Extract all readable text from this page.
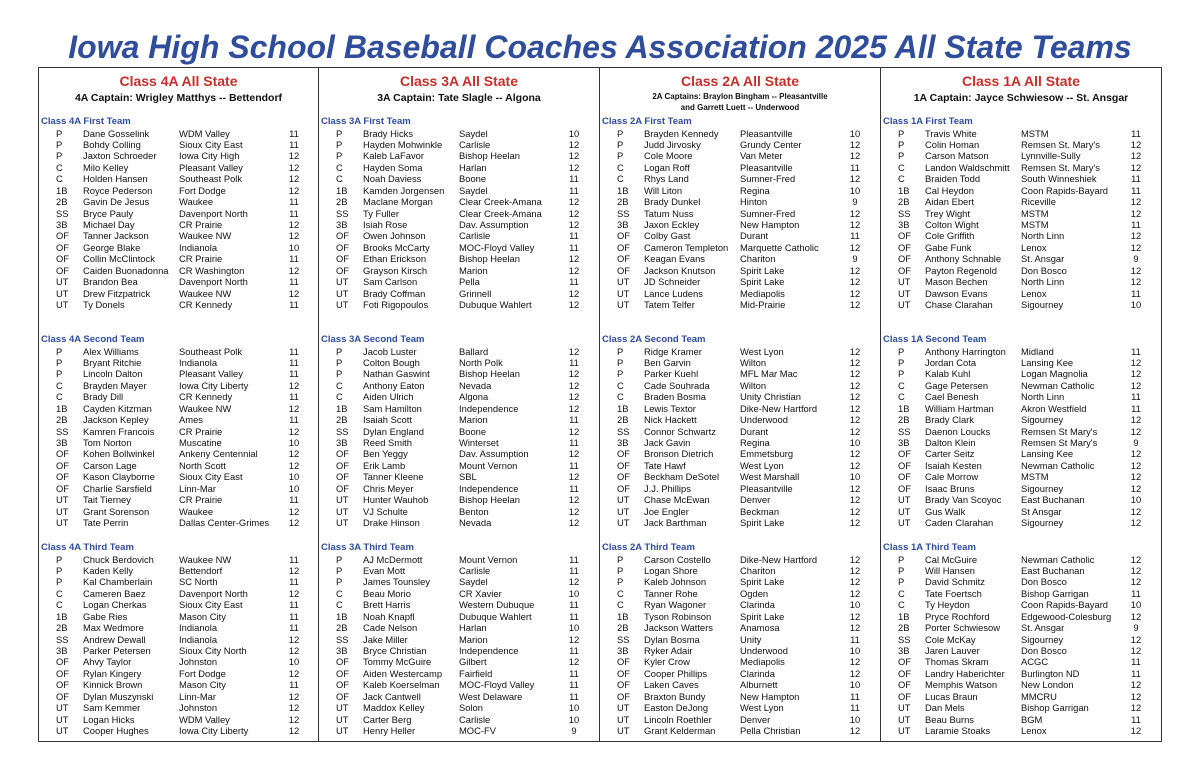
Iowa High School Baseball Coaches Association 2025 All State Teams
Class 4A All State
4A Captain: Wrigley Matthys -- Bettendorf
Class 4A First Team
P	Dane Gosselink	WDM Valley	11
P	Bohdy Colling	Sioux City East	11
P	Jaxton Schroeder	Iowa City High	12
C	Milo Kelley	Pleasant Valley	12
C	Holden Hansen	Southeast Polk	12
1B	Royce Pederson	Fort Dodge	12
2B	Gavin De Jesus	Waukee	11
SS	Bryce Pauly	Davenport North	11
3B	Michael Day	CR Prairie	12
OF	Tanner Jackson	Waukee NW	12
OF	George Blake	Indianola	10
OF	Collin McClintock	CR Prairie	11
OF	Caiden Buonadonna	CR Washington	12
UT	Brandon Bea	Davenport North	11
UT	Drew Fitzpatrick	Waukee NW	12
UT	Ty Donels	CR Kennedy	11
Class 4A Second Team
P	Alex Williams	Southeast Polk	11
P	Bryant Ritchie	Indianola	11
P	Lincoln Dalton	Pleasant Valley	11
C	Brayden Mayer	Iowa City Liberty	12
C	Brady Dill	CR Kennedy	11
1B	Cayden Kitzman	Waukee NW	12
2B	Jackson Kepley	Ames	11
SS	Kamren Francois	CR Prairie	12
3B	Tom Norton	Muscatine	10
OF	Kohen Bollwinkel	Ankeny Centennial	12
OF	Carson Lage	North Scott	12
OF	Kason Clayborne	Sioux City East	10
OF	Charlie Sarsfield	Linn-Mar	10
UT	Tait Tierney	CR Prairie	11
UT	Grant Sorenson	Waukee	12
UT	Tate Perrin	Dallas Center-Grimes	12
Class 4A Third Team
P	Chuck Berdovich	Waukee NW	11
P	Kaden Kelly	Bettendorf	12
P	Kal Chamberlain	SC North	11
C	Cameren Baez	Davenport North	12
C	Logan Cherkas	Sioux City East	11
1B	Gabe Ries	Mason City	11
2B	Max Wedmore	Indianola	11
SS	Andrew Dewall	Indianola	12
3B	Parker Petersen	Sioux City North	12
OF	Ahvy Taylor	Johnston	10
OF	Rylan Kingery	Fort Dodge	12
OF	Kinnick Brown	Mason City	11
OF	Dylan Muszynski	Linn-Mar	12
UT	Sam Kemmer	Johnston	12
UT	Logan Hicks	WDM Valley	12
UT	Cooper Hughes	Iowa City Liberty	12
Class 3A All State
3A Captain: Tate Slagle -- Algona
Class 3A First Team
P	Brady Hicks	Saydel	10
P	Hayden Mohwinkle	Carlisle	12
P	Kaleb LaFavor	Bishop Heelan	12
C	Hayden Soma	Harlan	12
C	Noah Daviess	Boone	11
1B	Kamden Jorgensen	Saydel	11
2B	Maclane Morgan	Clear Creek-Amana	12
SS	Ty Fuller	Clear Creek-Amana	12
3B	Isiah Rose	Dav. Assumption	12
OF	Owen Johnson	Carlisle	11
OF	Brooks McCarty	MOC-Floyd Valley	11
OF	Ethan Erickson	Bishop Heelan	12
OF	Grayson Kirsch	Marion	12
UT	Sam Carlson	Pella	11
UT	Brady Coffman	Grinnell	12
UT	Foti Rigopoulos	Dubuque Wahlert	12
Class 3A Second Team
P	Jacob Luster	Ballard	12
P	Colton Bough	North Polk	11
P	Nathan Gaswint	Bishop Heelan	12
C	Anthony Eaton	Nevada	12
C	Aiden Ulrich	Algona	12
1B	Sam Hamilton	Independence	12
2B	Isaiah Scott	Marion	11
SS	Dylan England	Boone	12
3B	Reed Smith	Winterset	11
OF	Ben Yeggy	Dav. Assumption	12
OF	Erik Lamb	Mount Vernon	11
OF	Tanner Kleene	SBL	12
OF	Chris Meyer	Independence	11
UT	Hunter Wauhob	Bishop Heelan	12
UT	VJ Schulte	Benton	12
UT	Drake Hinson	Nevada	12
Class 3A Third Team
P	AJ McDermott	Mount Vernon	11
P	Evan Mott	Carlisle	11
P	James Tounsley	Saydel	12
C	Beau Morio	CR Xavier	10
C	Brett Harris	Western Dubuque	11
1B	Noah Knapfl	Dubuque Wahlert	11
2B	Cade Nelson	Harlan	10
SS	Jake Miller	Marion	12
3B	Bryce Christian	Independence	11
OF	Tommy McGuire	Gilbert	12
OF	Aiden Westercamp	Fairfield	11
OF	Kaleb Koerselman	MOC-Floyd Valley	11
OF	Jack Cantwell	West Delaware	11
UT	Maddox Kelley	Solon	10
UT	Carter Berg	Carlisle	10
UT	Henry Heller	MOC-FV	9
Class 2A All State
2A Captains: Braylon Bingham -- Pleasantville
and Garrett Luett -- Underwood
Class 2A First Team
P	Brayden Kennedy	Pleasantville	10
P	Judd Jirvosky	Grundy Center	12
P	Cole Moore	Van Meter	12
C	Logan Roff	Pleasantville	11
C	Rhys Land	Sumner-Fred	12
1B	Will Liton	Regina	10
2B	Brady Dunkel	Hinton	9
SS	Tatum Nuss	Sumner-Fred	12
3B	Jaxon Eckley	New Hampton	12
OF	Colby Gast	Durant	11
OF	Cameron Templeton	Marquette Catholic	12
OF	Keagan Evans	Chariton	9
OF	Jackson Knutson	Spirit Lake	12
UT	JD Schneider	Spirit Lake	12
UT	Lance Ludens	Mediapolis	12
UT	Tatem Telfer	Mid-Prairie	12
Class 2A Second Team
P	Ridge Kramer	West Lyon	12
P	Ben Garvin	Wilton	12
P	Parker Kuehl	MFL Mar Mac	12
C	Cade Souhrada	Wilton	12
C	Braden Bosma	Unity Christian	12
1B	Lewis Textor	Dike-New Hartford	12
2B	Nick Hackett	Underwood	12
SS	Connor Schwartz	Durant	12
3B	Jack Gavin	Regina	10
OF	Bronson Dietrich	Emmetsburg	12
OF	Tate Hawf	West Lyon	12
OF	Beckham DeSotel	West Marshall	10
OF	J.J. Phillips	Pleasantville	12
UT	Chase McEwan	Denver	12
UT	Joe Engler	Beckman	12
UT	Jack Barthman	Spirit Lake	12
Class 2A Third Team
P	Carson Costello	Dike-New Hartford	12
P	Logan Shore	Chariton	12
P	Kaleb Johnson	Spirit Lake	12
C	Tanner Rohe	Ogden	12
C	Ryan Wagoner	Clarinda	10
1B	Tyson Robinson	Spirit Lake	12
2B	Jackson Watters	Anamosa	12
SS	Dylan Bosma	Unity	11
3B	Ryker Adair	Underwood	10
OF	Kyler Crow	Mediapolis	12
OF	Cooper Phillips	Clarinda	12
OF	Laken Caves	Alburnett	10
OF	Braxton Bundy	New Hampton	11
UT	Easton DeJong	West Lyon	11
UT	Lincoln Roethler	Denver	10
UT	Grant Kelderman	Pella Christian	12
Class 1A All State
1A Captain: Jayce Schwiesow -- St. Ansgar
Class 1A First Team
P	Travis White	MSTM	11
P	Colin Homan	Remsen St. Mary's	12
P	Carson Matson	Lynnville-Sully	12
C	Landon Waldschmitt	Remsen St. Mary's	12
C	Braiden Todd	South Winneshiek	11
1B	Cal Heydon	Coon Rapids-Bayard	11
2B	Aidan Ebert	Riceville	12
SS	Trey Wight	MSTM	12
3B	Colton Wight	MSTM	11
OF	Cole Griffith	North Linn	12
OF	Gabe Funk	Lenox	12
OF	Anthony Schnable	St. Ansgar	9
OF	Payton Regenold	Don Bosco	12
UT	Mason Bechen	North Linn	12
UT	Dawson Evans	Lenox	11
UT	Chase Clarahan	Sigourney	10
Class 1A Second Team
P	Anthony Harrington	Midland	11
P	Jordan Cota	Lansing Kee	12
P	Kalab Kuhl	Logan Magnolia	12
C	Gage Petersen	Newman Catholic	12
C	Cael Benesh	North Linn	11
1B	William Hartman	Akron Westfield	11
2B	Brady Clark	Sigourney	12
SS	Daenon Loucks	Remsen St Mary's	12
3B	Dalton Klein	Remsen St Mary's	9
OF	Carter Seitz	Lansing Kee	12
OF	Isaiah Kesten	Newman Catholic	12
OF	Cale Morrow	MSTM	12
OF	Isaac Bruns	Sigourney	12
UT	Brady Van Scoyoc	East Buchanan	10
UT	Gus Walk	St Ansgar	12
UT	Caden Clarahan	Sigourney	12
Class 1A Third Team
P	Cal McGuire	Newman Catholic	12
P	Will Hansen	East Buchanan	12
P	David Schmitz	Don Bosco	12
C	Tate Foertsch	Bishop Garrigan	11
C	Ty Heydon	Coon Rapids-Bayard	10
1B	Pryce Rochford	Edgewood-Colesburg	12
2B	Porter Schwiesow	St. Ansgar	9
SS	Cole McKay	Sigourney	12
3B	Jaren Lauver	Don Bosco	12
OF	Thomas Skram	ACGC	11
OF	Landry Haberichter	Burlington ND	11
OF	Memphis Watson	New London	12
OF	Lucas Braun	MMCRU	12
UT	Dan Mels	Bishop Garrigan	12
UT	Beau Burns	BGM	11
UT	Laramie Stoaks	Lenox	12
